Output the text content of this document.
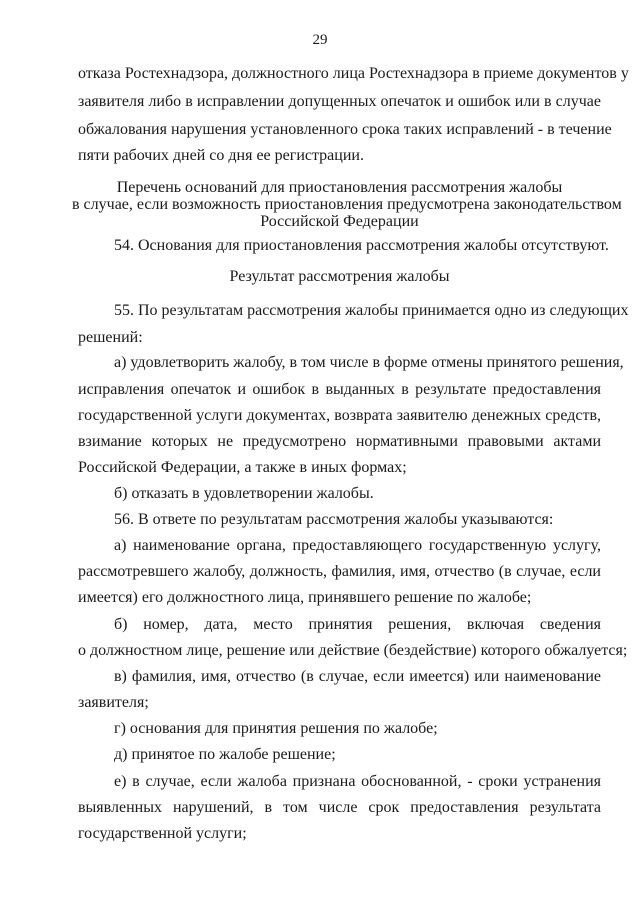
29
отказа Ростехнадзора, должностного лица Ростехнадзора в приеме документов у
заявителя либо в исправлении допущенных опечаток и ошибок или в случае
обжалования нарушения установленного срока таких исправлений - в течение
пяти рабочих дней со дня ее регистрации.
Перечень оснований для приостановления рассмотрения жалобы
в случае, если возможность приостановления предусмотрена законодательством
Российской Федерации
54. Основания для приостановления рассмотрения жалобы отсутствуют.
Результат рассмотрения жалобы
55. По результатам рассмотрения жалобы принимается одно из следующих
решений:
а) удовлетворить жалобу, в том числе в форме отмены принятого решения,
исправления опечаток и ошибок в выданных в результате предоставления
государственной услуги документах, возврата заявителю денежных средств,
взимание которых не предусмотрено нормативными правовыми актами
Российской Федерации, а также в иных формах;
б) отказать в удовлетворении жалобы.
56. В ответе по результатам рассмотрения жалобы указываются:
а) наименование органа, предоставляющего государственную услугу,
рассмотревшего жалобу, должность, фамилия, имя, отчество (в случае, если
имеется) его должностного лица, принявшего решение по жалобе;
б) номер, дата, место принятия решения, включая сведения
о должностном лице, решение или действие (бездействие) которого обжалуется;
в) фамилия, имя, отчество (в случае, если имеется) или наименование
заявителя;
г) основания для принятия решения по жалобе;
д) принятое по жалобе решение;
е) в случае, если жалоба признана обоснованной, - сроки устранения
выявленных нарушений, в том числе срок предоставления результата
государственной услуги;
